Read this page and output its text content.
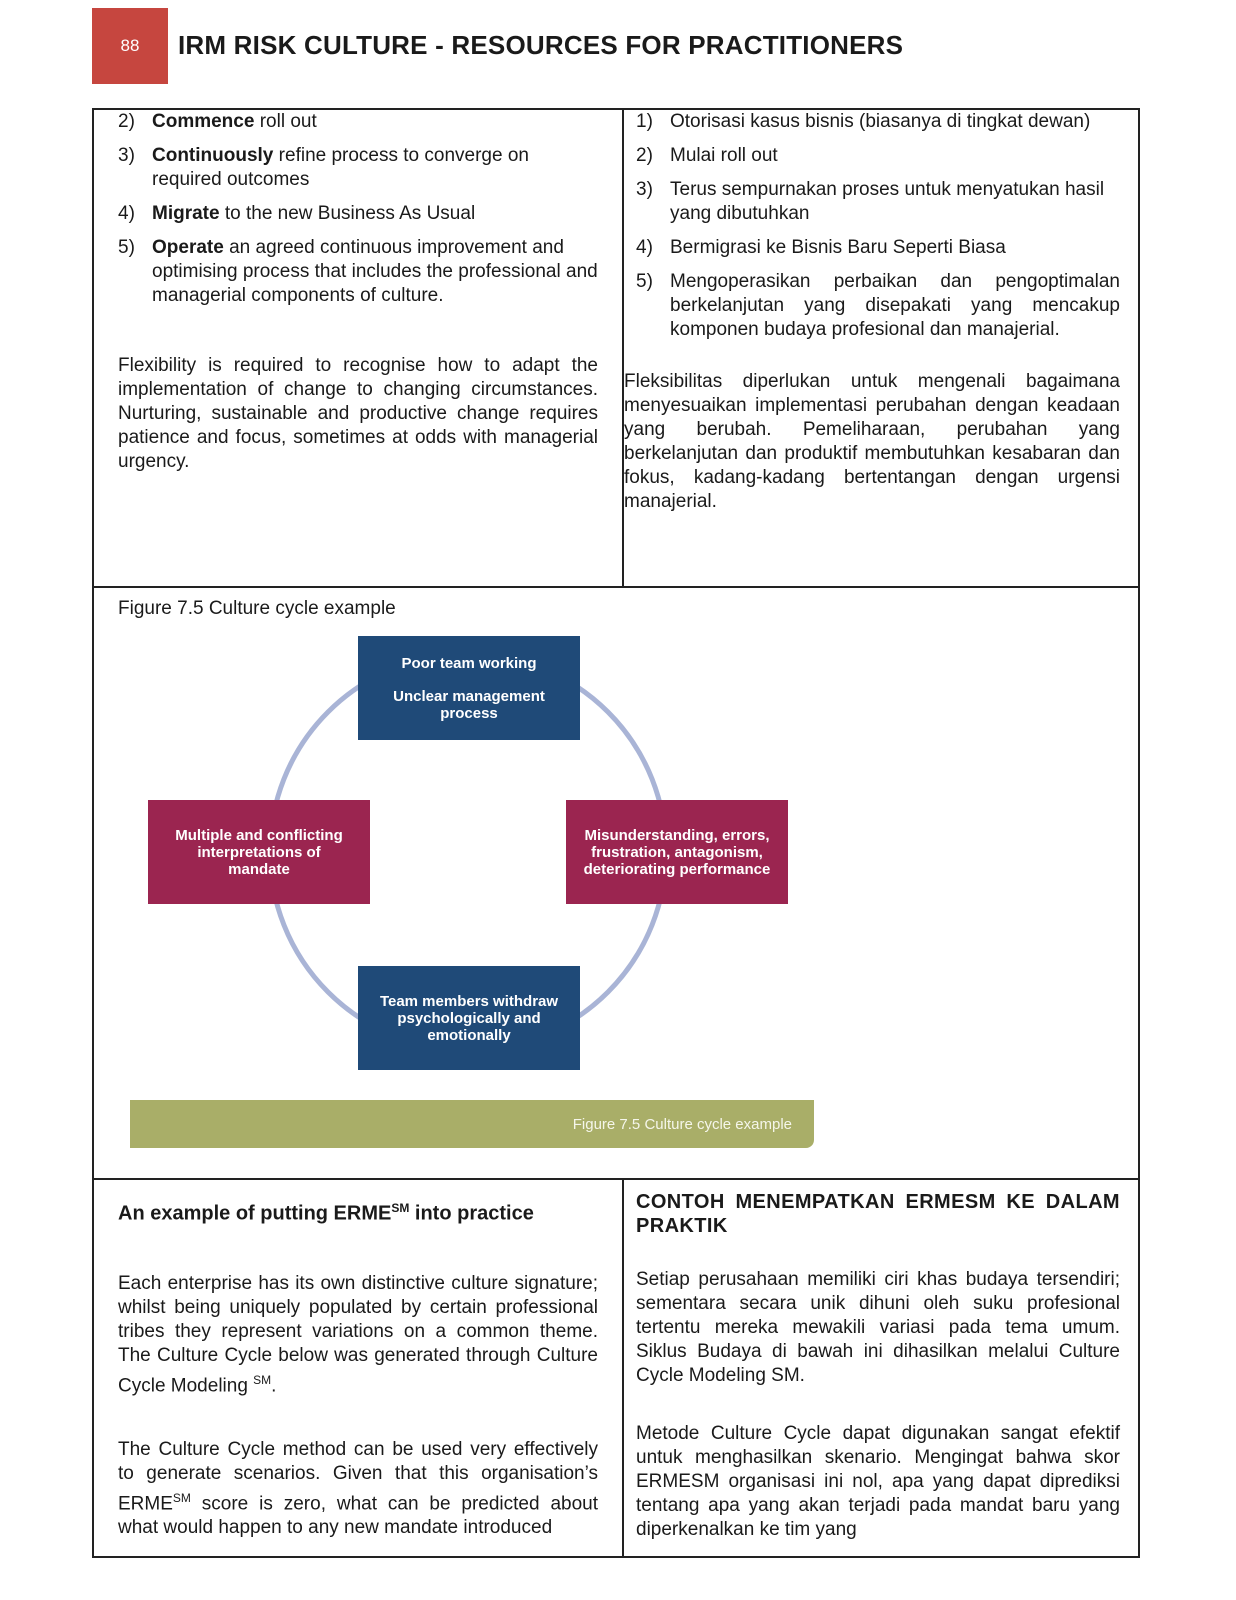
88 IRM RISK CULTURE - RESOURCES FOR PRACTITIONERS
2) Commence roll out
3) Continuously refine process to converge on required outcomes
4) Migrate to the new Business As Usual
5) Operate an agreed continuous improvement and optimising process that includes the professional and managerial components of culture.

Flexibility is required to recognise how to adapt the implementation of change to changing circumstances. Nurturing, sustainable and productive change requires patience and focus, sometimes at odds with managerial urgency.

1) Otorisasi kasus bisnis (biasanya di tingkat dewan)
2) Mulai roll out
3) Terus sempurnakan proses untuk menyatukan hasil yang dibutuhkan
4) Bermigrasi ke Bisnis Baru Seperti Biasa
5) Mengoperasikan perbaikan dan pengoptimalan berkelanjutan yang disepakati yang mencakup komponen budaya profesional dan manajerial.

Fleksibilitas diperlukan untuk mengenali bagaimana menyesuaikan implementasi perubahan dengan keadaan yang berubah. Pemeliharaan, perubahan yang berkelanjutan dan produktif membutuhkan kesabaran dan fokus, kadang-kadang bertentangan dengan urgensi manajerial.

Figure 7.5 Culture cycle example
Poor team working
Unclear management process
Misunderstanding, errors, frustration, antagonism, deteriorating performance
Team members withdraw psychologically and emotionally
Multiple and conflicting interpretations of mandate
Figure 7.5 Culture cycle example
An example of putting ERME℠ into practice

Each enterprise has its own distinctive culture signature; whilst being uniquely populated by certain professional tribes they represent variations on a common theme. The Culture Cycle below was generated through Culture Cycle Modeling ℠.

The Culture Cycle method can be used very effectively to generate scenarios. Given that this organisation’s ERME℠ score is zero, what can be predicted about what would happen to any new mandate introduced

CONTOH MENEMPATKAN ERMESM KE DALAM PRAKTIK

Setiap perusahaan memiliki ciri khas budaya tersendiri; sementara secara unik dihuni oleh suku profesional tertentu mereka mewakili variasi pada tema umum. Siklus Budaya di bawah ini dihasilkan melalui Culture Cycle Modeling SM.

Metode Culture Cycle dapat digunakan sangat efektif untuk menghasilkan skenario. Mengingat bahwa skor ERMESM organisasi ini nol, apa yang dapat diprediksi tentang apa yang akan terjadi pada mandat baru yang diperkenalkan ke tim yang
